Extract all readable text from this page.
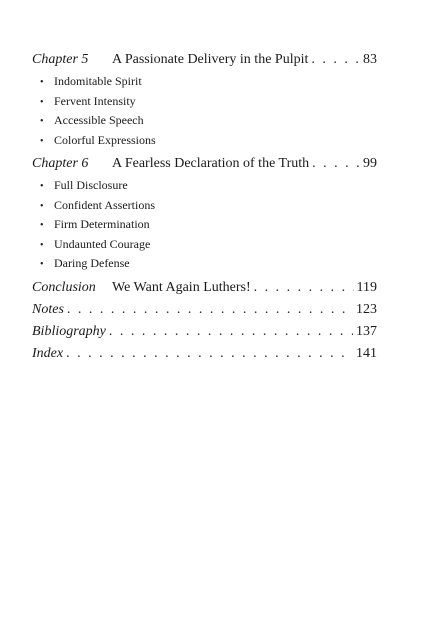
Chapter 5	A Passionate Delivery in the Pulpit . . .	83
• Indomitable Spirit
• Fervent Intensity
• Accessible Speech
• Colorful Expressions
Chapter 6	A Fearless Declaration of the Truth . . .	99
• Full Disclosure
• Confident Assertions
• Firm Determination
• Undaunted Courage
• Daring Defense
Conclusion	We Want Again Luthers! . . .	119
Notes . . .	123
Bibliography . . .	137
Index . . .	141
